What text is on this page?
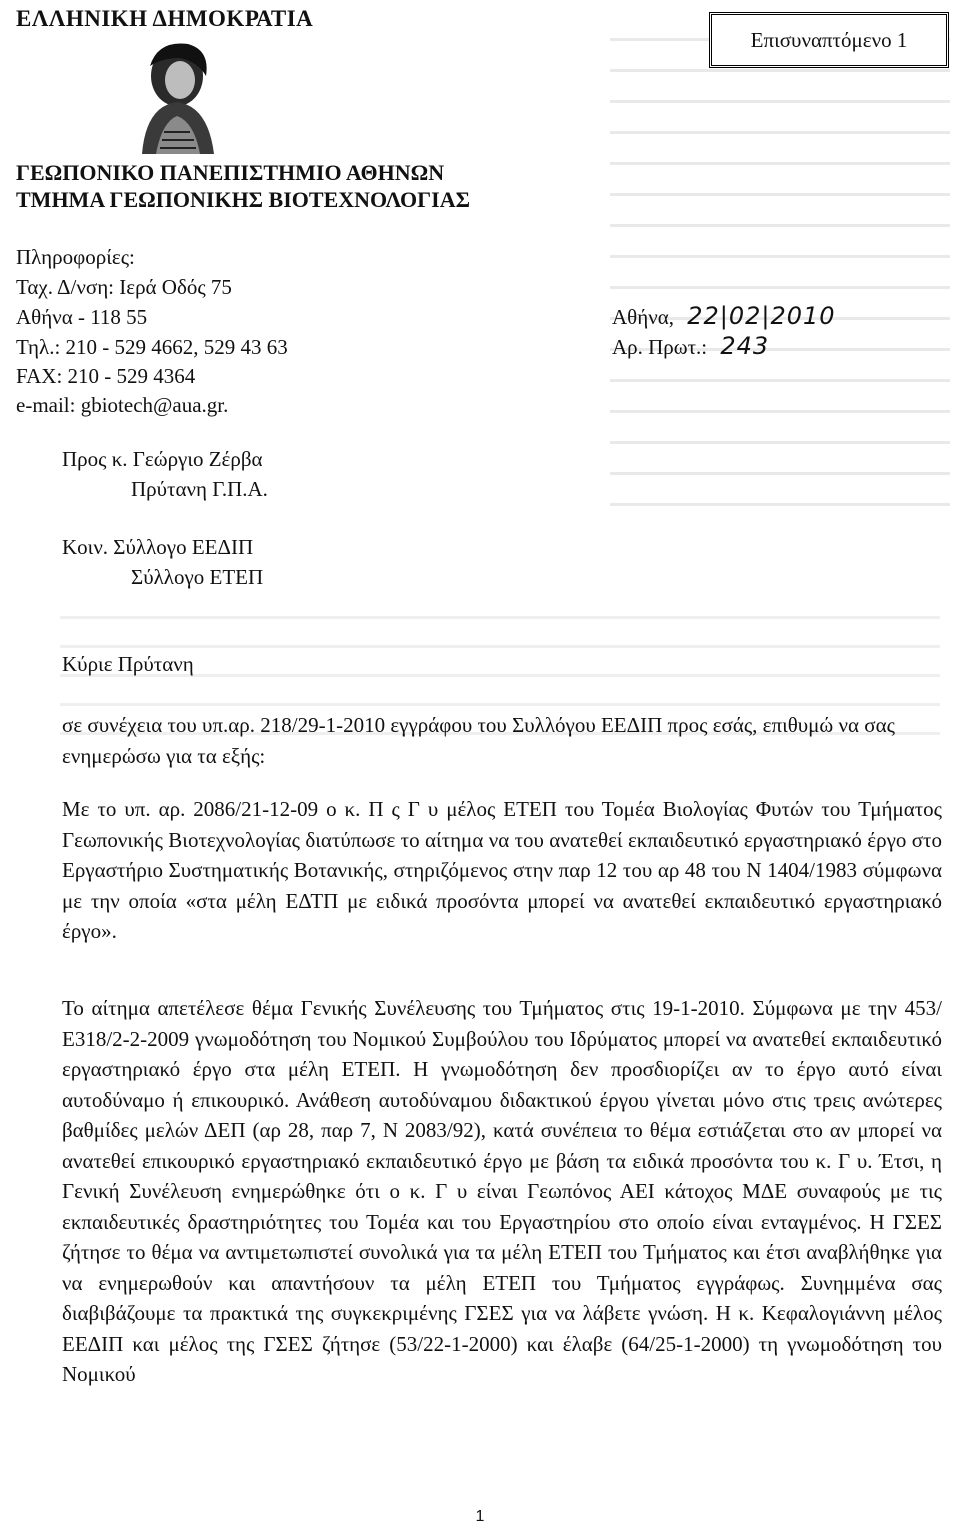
Επισυναπτόμενο 1
ΕΛΛΗΝΙΚΗ ΔΗΜΟΚΡΑΤΙΑ
ΓΕΩΠΟΝΙΚΟ ΠΑΝΕΠΙΣΤΗΜΙΟ ΑΘΗΝΩΝ
ΤΜΗΜΑ ΓΕΩΠΟΝΙΚΗΣ ΒΙΟΤΕΧΝΟΛΟΓΙΑΣ
Πληροφορίες:
Ταχ. Δ/νση: Ιερά Οδός 75
Αθήνα - 118 55
Τηλ.: 210 - 529 4662, 529 43 63
FAX: 210 - 529 4364
e-mail: gbiotech@aua.gr.
Αθήνα, 22|02|2010
Αρ. Πρωτ.: 243
Προς κ. Γεώργιο Ζέρβα
Πρύτανη Γ.Π.Α.
Κοιν. Σύλλογο ΕΕΔΙΠ
Σύλλογο ΕΤΕΠ
Κύριε Πρύτανη
σε συνέχεια του υπ.αρ. 218/29-1-2010 εγγράφου του Συλλόγου ΕΕΔΙΠ προς εσάς, επιθυμώ να σας ενημερώσω για τα εξής:
Με το υπ. αρ. 2086/21-12-09 ο κ. Π ς Γ υ μέλος ΕΤΕΠ του Τομέα Βιολογίας Φυτών του Τμήματος Γεωπονικής Βιοτεχνολογίας διατύπωσε το αίτημα να του ανατεθεί εκπαιδευτικό εργαστηριακό έργο στο Εργαστήριο Συστηματικής Βοτανικής, στηριζόμενος στην παρ 12 του αρ 48 του Ν 1404/1983 σύμφωνα με την οποία «στα μέλη ΕΔΤΠ με ειδικά προσόντα μπορεί να ανατεθεί εκπαιδευτικό εργαστηριακό έργο».
Το αίτημα απετέλεσε θέμα Γενικής Συνέλευσης του Τμήματος στις 19-1-2010. Σύμφωνα με την 453/Ε318/2-2-2009 γνωμοδότηση του Νομικού Συμβούλου του Ιδρύματος μπορεί να ανατεθεί εκπαιδευτικό εργαστηριακό έργο στα μέλη ΕΤΕΠ. Η γνωμοδότηση δεν προσδιορίζει αν το έργο αυτό είναι αυτοδύναμο ή επικουρικό. Ανάθεση αυτοδύναμου διδακτικού έργου γίνεται μόνο στις τρεις ανώτερες βαθμίδες μελών ΔΕΠ (αρ 28, παρ 7, Ν 2083/92), κατά συνέπεια το θέμα εστιάζεται στο αν μπορεί να ανατεθεί επικουρικό εργαστηριακό εκπαιδευτικό έργο με βάση τα ειδικά προσόντα του κ. Γ υ. Έτσι, η Γενική Συνέλευση ενημερώθηκε ότι ο κ. Γ υ είναι Γεωπόνος ΑΕΙ κάτοχος ΜΔΕ συναφούς με τις εκπαιδευτικές δραστηριότητες του Τομέα και του Εργαστηρίου στο οποίο είναι ενταγμένος. Η ΓΣΕΣ ζήτησε το θέμα να αντιμετωπιστεί συνολικά για τα μέλη ΕΤΕΠ του Τμήματος και έτσι αναβλήθηκε για να ενημερωθούν και απαντήσουν τα μέλη ΕΤΕΠ του Τμήματος εγγράφως. Συνημμένα σας διαβιβάζουμε τα πρακτικά της συγκεκριμένης ΓΣΕΣ για να λάβετε γνώση. Η κ. Κεφαλογιάννη μέλος ΕΕΔΙΠ και μέλος της ΓΣΕΣ ζήτησε (53/22-1-2000) και έλαβε (64/25-1-2000) τη γνωμοδότηση του Νομικού
1
